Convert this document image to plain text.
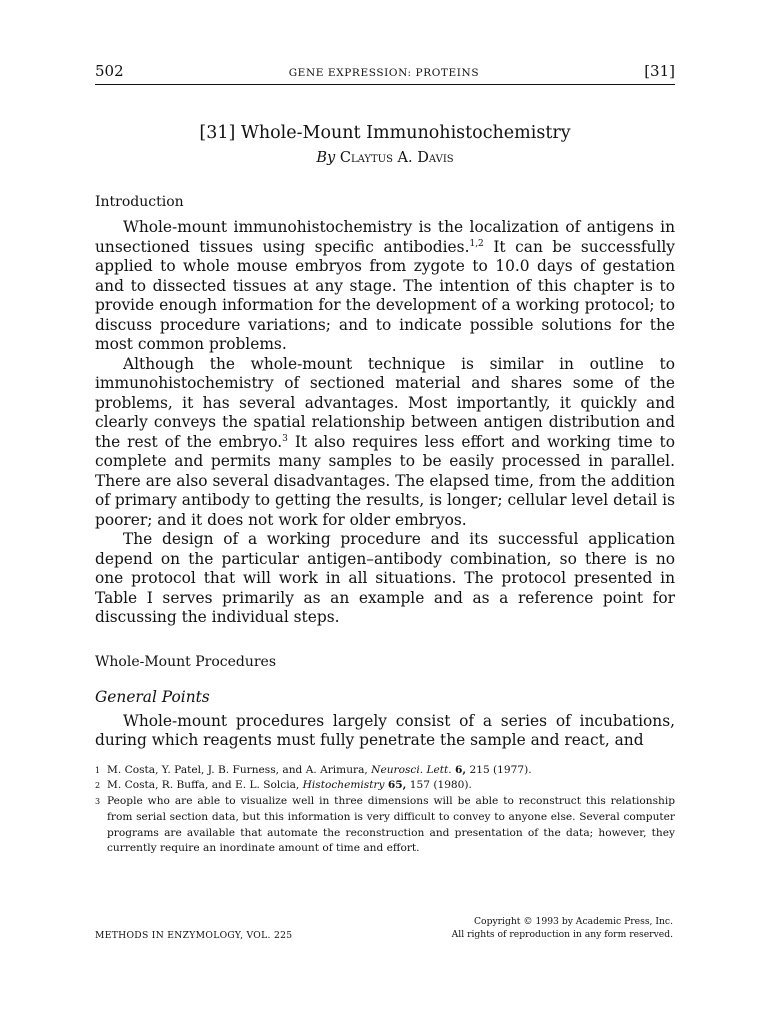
502	GENE EXPRESSION: PROTEINS	[31]
[31] Whole-Mount Immunohistochemistry
By Claytus A. Davis
Introduction

Whole-mount immunohistochemistry is the localization of antigens in unsectioned tissues using specific antibodies.$^{1,2}$ It can be successfully applied to whole mouse embryos from zygote to 10.0 days of gestation and to dissected tissues at any stage. The intention of this chapter is to provide enough information for the development of a working protocol; to discuss procedure variations; and to indicate possible solutions for the most common problems.

Although the whole-mount technique is similar in outline to immunohistochemistry of sectioned material and shares some of the problems, it has several advantages. Most importantly, it quickly and clearly conveys the spatial relationship between antigen distribution and the rest of the embryo.$^3$ It also requires less effort and working time to complete and permits many samples to be easily processed in parallel. There are also several disadvantages. The elapsed time, from the addition of primary antibody to getting the results, is longer; cellular level detail is poorer; and it does not work for older embryos.

The design of a working procedure and its successful application depend on the particular antigen–antibody combination, so there is no one protocol that will work in all situations. The protocol presented in Table I serves primarily as an example and as a reference point for discussing the individual steps.

Whole-Mount Procedures
General Points

Whole-mount procedures largely consist of a series of incubations, during which reagents must fully penetrate the sample and react, and

1 M. Costa, Y. Patel, J. B. Furness, and A. Arimura, Neurosci. Lett. 6, 215 (1977).
2 M. Costa, R. Buffa, and E. L. Solcia, Histochemistry 65, 157 (1980).
3 People who are able to visualize well in three dimensions will be able to reconstruct this relationship from serial section data, but this information is very difficult to convey to anyone else. Several computer programs are available that automate the reconstruction and presentation of the data; however, they currently require an inordinate amount of time and effort.
METHODS IN ENZYMOLOGY, VOL. 225
Copyright © 1993 by Academic Press, Inc.
All rights of reproduction in any form reserved.
